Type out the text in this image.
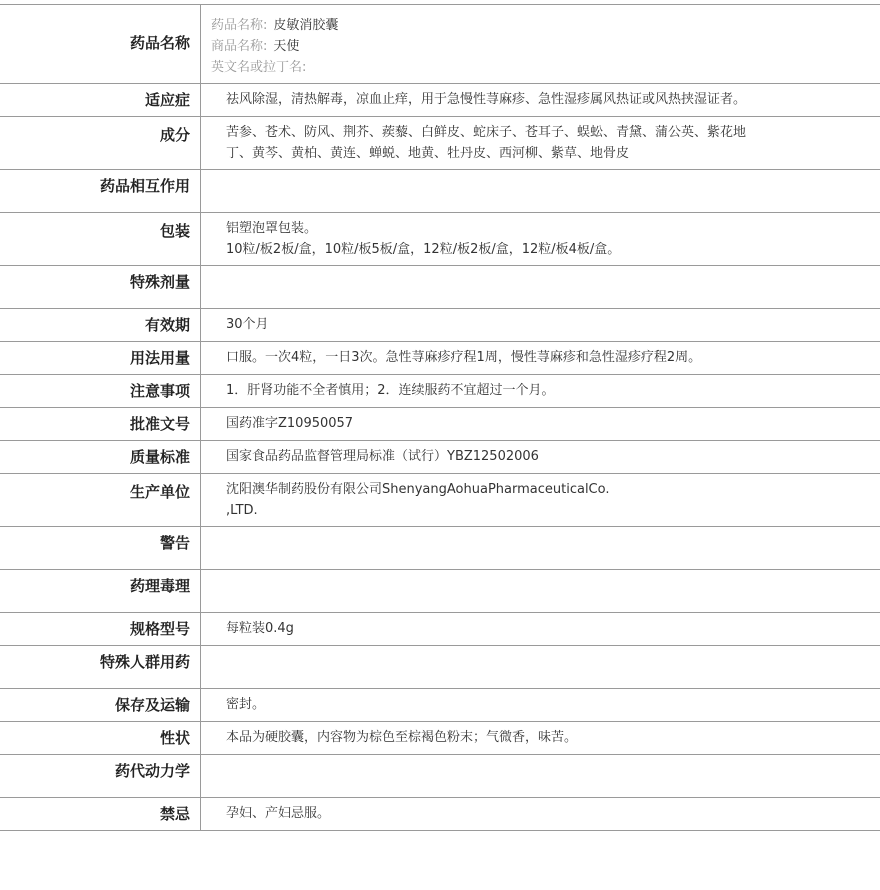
药品名称	药品名称: 皮敏消胶囊
商品名称: 天使
英文名或拉丁名:

适应症	祛风除湿，清热解毒，凉血止痒，用于急慢性荨麻疹、急性湿疹属风热证或风热挟湿证者。
成分	苦参、苍术、防风、荆芥、蒺藜、白鲜皮、蛇床子、苍耳子、蜈蚣、青黛、蒲公英、紫花地
丁、黄芩、黄柏、黄连、蝉蜕、地黄、牡丹皮、西河柳、紫草、地骨皮

药品相互作用	
包装	铝塑泡罩包装。
10粒/板2板/盒，10粒/板5板/盒，12粒/板2板/盒，12粒/板4板/盒。

特殊剂量	
有效期	30个月
用法用量	口服。一次4粒，一日3次。急性荨麻疹疗程1周，慢性荨麻疹和急性湿疹疗程2周。
注意事项	1．肝肾功能不全者慎用；2．连续服药不宜超过一个月。
批准文号	国药准字Z10950057
质量标准	国家食品药品监督管理局标准（试行）YBZ12502006
生产单位	沈阳澳华制药股份有限公司ShenyangAohuaPharmaceuticalCo.
,LTD.

警告	
药理毒理	
规格型号	每粒装0.4g
特殊人群用药	
保存及运输	密封。
性状	本品为硬胶囊，内容物为棕色至棕褐色粉末；气微香，味苦。
药代动力学	
禁忌	孕妇、产妇忌服。
